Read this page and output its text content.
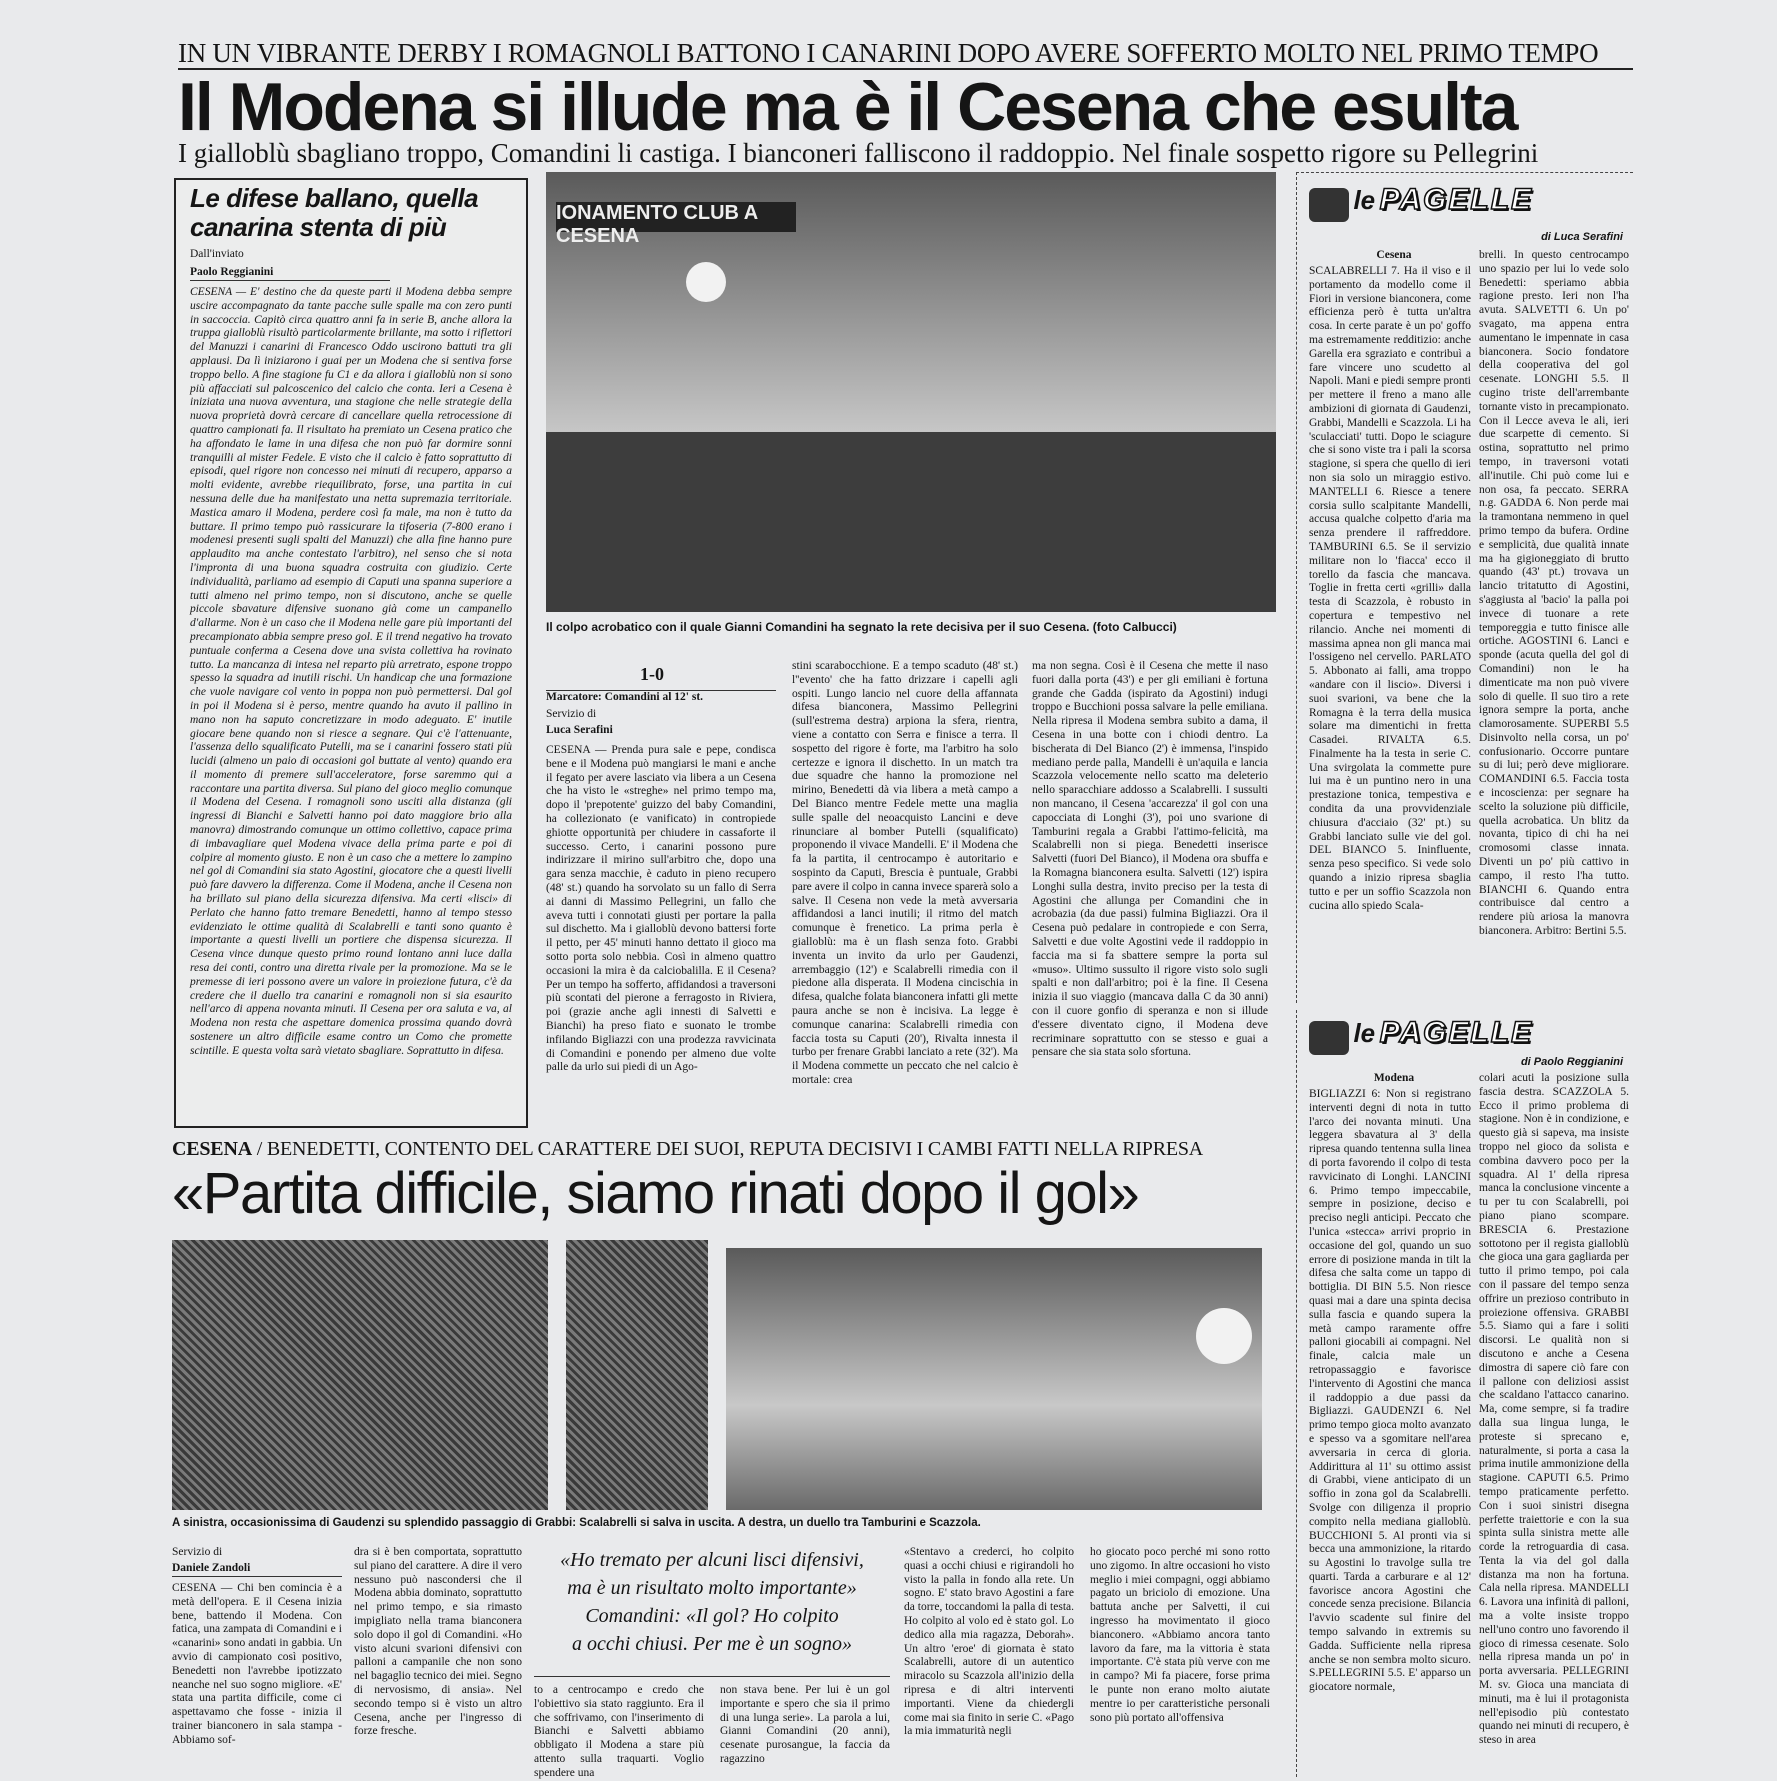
IN UN VIBRANTE DERBY I ROMAGNOLI BATTONO I CANARINI DOPO AVERE SOFFERTO MOLTO NEL PRIMO TEMPO
Il Modena si illude ma è il Cesena che esulta
I gialloblù sbagliano troppo, Comandini li castiga. I bianconeri falliscono il raddoppio. Nel finale sospetto rigore su Pellegrini
Le difese ballano, quella canarina stenta di più
Dall'inviato
Paolo Reggianini
CESENA — E' destino che da queste parti il Modena debba sempre uscire accompagnato da tante pacche sulle spalle ma con zero punti in saccoccia. Capitò circa quattro anni fa in serie B, anche allora la truppa gialloblù risultò particolarmente brillante, ma sotto i riflettori del Manuzzi i canarini di Francesco Oddo uscirono battuti tra gli applausi. Da lì iniziarono i guai per un Modena che si sentiva forse troppo bello. A fine stagione fu C1 e da allora i gialloblù non si sono più affacciati sul palcoscenico del calcio che conta. Ieri a Cesena è iniziata una nuova avventura, una stagione che nelle strategie della nuova proprietà dovrà cercare di cancellare quella retrocessione di quattro campionati fa. Il risultato ha premiato un Cesena pratico che ha affondato le lame in una difesa che non può far dormire sonni tranquilli al mister Fedele. E visto che il calcio è fatto soprattutto di episodi, quel rigore non concesso nei minuti di recupero, apparso a molti evidente, avrebbe riequilibrato, forse, una partita in cui nessuna delle due ha manifestato una netta supremazia territoriale. Mastica amaro il Modena, perdere così fa male, ma non è tutto da buttare. Il primo tempo può rassicurare la tifoseria (7-800 erano i modenesi presenti sugli spalti del Manuzzi) che alla fine hanno pure applaudito ma anche contestato l'arbitro), nel senso che si nota l'impronta di una buona squadra costruita con giudizio. Certe individualità, parliamo ad esempio di Caputi una spanna superiore a tutti almeno nel primo tempo, non si discutono, anche se quelle piccole sbavature difensive suonano già come un campanello d'allarme. Non è un caso che il Modena nelle gare più importanti del precampionato abbia sempre preso gol. E il trend negativo ha trovato puntuale conferma a Cesena dove una svista collettiva ha rovinato tutto. La mancanza di intesa nel reparto più arretrato, espone troppo spesso la squadra ad inutili rischi. Un handicap che una formazione che vuole navigare col vento in poppa non può permettersi. Dal gol in poi il Modena si è perso, mentre quando ha avuto il pallino in mano non ha saputo concretizzare in modo adeguato. E' inutile giocare bene quando non si riesce a segnare. Qui c'è l'attenuante, l'assenza dello squalificato Putelli, ma se i canarini fossero stati più lucidi (almeno un paio di occasioni gol buttate al vento) quando era il momento di premere sull'acceleratore, forse saremmo qui a raccontare una partita diversa. Sul piano del gioco meglio comunque il Modena del Cesena. I romagnoli sono usciti alla distanza (gli ingressi di Bianchi e Salvetti hanno poi dato maggiore brio alla manovra) dimostrando comunque un ottimo collettivo, capace prima di imbavagliare quel Modena vivace della prima parte e poi di colpire al momento giusto. E non è un caso che a mettere lo zampino nel gol di Comandini sia stato Agostini, giocatore che a questi livelli può fare davvero la differenza. Come il Modena, anche il Cesena non ha brillato sul piano della sicurezza difensiva. Ma certi «lisci» di Perlato che hanno fatto tremare Benedetti, hanno al tempo stesso evidenziato le ottime qualità di Scalabrelli e tanti sono quanto è importante a questi livelli un portiere che dispensa sicurezza. Il Cesena vince dunque questo primo round lontano anni luce dalla resa dei conti, contro una diretta rivale per la promozione. Ma se le premesse di ieri possono avere un valore in proiezione futura, c'è da credere che il duello tra canarini e romagnoli non si sia esaurito nell'arco di appena novanta minuti. Il Cesena per ora saluta e va, al Modena non resta che aspettare domenica prossima quando dovrà sostenere un altro difficile esame contro un Como che promette scintille. E questa volta sarà vietato sbagliare. Soprattutto in difesa.
IONAMENTO CLUB A CESENA
Il colpo acrobatico con il quale Gianni Comandini ha segnato la rete decisiva per il suo Cesena. (foto Calbucci)
1-0
Marcatore: Comandini al 12' st.
Servizio di
Luca Serafini
CESENA — Prenda pura sale e pepe, condisca bene e il Modena può mangiarsi le mani e anche il fegato per avere lasciato via libera a un Cesena che ha visto le «streghe» nel primo tempo ma, dopo il 'prepotente' guizzo del baby Comandini, ha collezionato (e vanificato) in contropiede ghiotte opportunità per chiudere in cassaforte il successo. Certo, i canarini possono pure indirizzare il mirino sull'arbitro che, dopo una gara senza macchie, è caduto in pieno recupero (48' st.) quando ha sorvolato su un fallo di Serra ai danni di Massimo Pellegrini, un fallo che aveva tutti i connotati giusti per portare la palla sul dischetto. Ma i gialloblù devono battersi forte il petto, per 45' minuti hanno dettato il gioco ma sotto porta solo nebbia. Così in almeno quattro occasioni la mira è da calciobalilla. E il Cesena? Per un tempo ha sofferto, affidandosi a traversoni più scontati del pierone a ferragosto in Riviera, poi (grazie anche agli innesti di Salvetti e Bianchi) ha preso fiato e suonato le trombe infilando Bigliazzi con una prodezza ravvicinata di Comandini e ponendo per almeno due volte palle da urlo sui piedi di un Ago-
stini scarabocchione. E a tempo scaduto (48' st.) l''evento' che ha fatto drizzare i capelli agli ospiti. Lungo lancio nel cuore della affannata difesa bianconera, Massimo Pellegrini (sull'estrema destra) arpiona la sfera, rientra, viene a contatto con Serra e finisce a terra. Il sospetto del rigore è forte, ma l'arbitro ha solo certezze e ignora il dischetto. In un match tra due squadre che hanno la promozione nel mirino, Benedetti dà via libera a metà campo a Del Bianco mentre Fedele mette una maglia sulle spalle del neoacquisto Lancini e deve rinunciare al bomber Putelli (squalificato) proponendo il vivace Mandelli. E' il Modena che fa la partita, il centrocampo è autoritario e sospinto da Caputi, Brescia è puntuale, Grabbi pare avere il colpo in canna invece sparerà solo a salve. Il Cesena non vede la metà avversaria affidandosi a lanci inutili; il ritmo del match comunque è frenetico. La prima perla è gialloblù: ma è un flash senza foto. Grabbi inventa un invito da urlo per Gaudenzi, arrembaggio (12') e Scalabrelli rimedia con il piedone alla disperata. Il Modena cincischia in difesa, qualche folata bianconera infatti gli mette paura anche se non è incisiva. La legge è comunque canarina: Scalabrelli rimedia con faccia tosta su Caputi (20'), Rivalta innesta il turbo per frenare Grabbi lanciato a rete (32'). Ma il Modena commette un peccato che nel calcio è mortale: crea
ma non segna. Così è il Cesena che mette il naso fuori dalla porta (43') e per gli emiliani è fortuna grande che Gadda (ispirato da Agostini) indugi troppo e Bucchioni possa salvare la pelle emiliana. Nella ripresa il Modena sembra subito a dama, il Cesena in una botte con i chiodi dentro. La bischerata di Del Bianco (2') è immensa, l'inspido mediano perde palla, Mandelli è un'aquila e lancia Scazzola velocemente nello scatto ma deleterio nello sparacchiare addosso a Scalabrelli. I sussulti non mancano, il Cesena 'accarezza' il gol con una capocciata di Longhi (3'), poi uno svarione di Tamburini regala a Grabbi l'attimo-felicità, ma Scalabrelli non si piega. Benedetti inserisce Salvetti (fuori Del Bianco), il Modena ora sbuffa e la Romagna bianconera esulta. Salvetti (12') ispira Longhi sulla destra, invito preciso per la testa di Agostini che allunga per Comandini che in acrobazia (da due passi) fulmina Bigliazzi. Ora il Cesena può pedalare in contropiede e con Serra, Salvetti e due volte Agostini vede il raddoppio in faccia ma si fa sbattere sempre la porta sul «muso». Ultimo sussulto il rigore visto solo sugli spalti e non dall'arbitro; poi è la fine. Il Cesena inizia il suo viaggio (mancava dalla C da 30 anni) con il cuore gonfio di speranza e non si illude d'essere diventato cigno, il Modena deve recriminare soprattutto con se stesso e guai a pensare che sia stata solo sfortuna.
le PAGELLE
di Luca Serafini
Cesena
SCALABRELLI 7. Ha il viso e il portamento da modello come il Fiori in versione bianconera, come efficienza però è tutta un'altra cosa. In certe parate è un po' goffo ma estremamente redditizio: anche Garella era sgraziato e contribuì a fare vincere uno scudetto al Napoli. Mani e piedi sempre pronti per mettere il freno a mano alle ambizioni di giornata di Gaudenzi, Grabbi, Mandelli e Scazzola. Li ha 'sculacciati' tutti. Dopo le sciagure che si sono viste tra i pali la scorsa stagione, si spera che quello di ieri non sia solo un miraggio estivo. MANTELLI 6. Riesce a tenere corsia sullo scalpitante Mandelli, accusa qualche colpetto d'aria ma senza prendere il raffreddore. TAMBURINI 6.5. Se il servizio militare non lo 'fiacca' ecco il torello da fascia che mancava. Toglie in fretta certi «grilli» dalla testa di Scazzola, è robusto in copertura e tempestivo nel rilancio. Anche nei momenti di massima apnea non gli manca mai l'ossigeno nel cervello. PARLATO 5. Abbonato ai falli, ama troppo «andare con il liscio». Diversi i suoi svarioni, va bene che la Romagna è la terra della musica solare ma dimentichi in fretta Casadei. RIVALTA 6.5. Finalmente ha la testa in serie C. Una svirgolata la commette pure lui ma è un puntino nero in una prestazione tonica, tempestiva e condita da una provvidenziale chiusura d'acciaio (32' pt.) su Grabbi lanciato sulle vie del gol. DEL BIANCO 5. Ininfluente, senza peso specifico. Si vede solo quando a inizio ripresa sbaglia tutto e per un soffio Scazzola non cucina allo spiedo Scala-
brelli. In questo centrocampo uno spazio per lui lo vede solo Benedetti: speriamo abbia ragione presto. Ieri non l'ha avuta. SALVETTI 6. Un po' svagato, ma appena entra aumentano le impennate in casa bianconera. Socio fondatore della cooperativa del gol cesenate. LONGHI 5.5. Il cugino triste dell'arrembante tornante visto in precampionato. Con il Lecce aveva le ali, ieri due scarpette di cemento. Si ostina, soprattutto nel primo tempo, in traversoni votati all'inutile. Chi può come lui e non osa, fa peccato. SERRA n.g. GADDA 6. Non perde mai la tramontana nemmeno in quel primo tempo da bufera. Ordine e semplicità, due qualità innate ma ha gigioneggiato di brutto quando (43' pt.) trovava un lancio tritatutto di Agostini, s'aggiusta al 'bacio' la palla poi invece di tuonare a rete temporeggia e tutto finisce alle ortiche. AGOSTINI 6. Lanci e sponde (acuta quella del gol di Comandini) non le ha dimenticate ma non può vivere solo di quelle. Il suo tiro a rete ignora sempre la porta, anche clamorosamente. SUPERBI 5.5 Disinvolto nella corsa, un po' confusionario. Occorre puntare su di lui; però deve migliorare. COMANDINI 6.5. Faccia tosta e incoscienza: per segnare ha scelto la soluzione più difficile, quella acrobatica. Un blitz da novanta, tipico di chi ha nei cromosomi classe innata. Diventi un po' più cattivo in campo, il resto l'ha tutto. BIANCHI 6. Quando entra contribuisce dal centro a rendere più ariosa la manovra bianconera. Arbitro: Bertini 5.5.
le PAGELLE
di Paolo Reggianini
Modena
BIGLIAZZI 6: Non si registrano interventi degni di nota in tutto l'arco dei novanta minuti. Una leggera sbavatura al 3' della ripresa quando tentenna sulla linea di porta favorendo il colpo di testa ravvicinato di Longhi. LANCINI 6. Primo tempo impeccabile, sempre in posizione, deciso e preciso negli anticipi. Peccato che l'unica «stecca» arrivi proprio in occasione del gol, quando un suo errore di posizione manda in tilt la difesa che salta come un tappo di bottiglia. DI BIN 5.5. Non riesce quasi mai a dare una spinta decisa sulla fascia e quando supera la metà campo raramente offre palloni giocabili ai compagni. Nel finale, calcia male un retropassaggio e favorisce l'intervento di Agostini che manca il raddoppio a due passi da Bigliazzi. GAUDENZI 6. Nel primo tempo gioca molto avanzato e spesso va a sgomitare nell'area avversaria in cerca di gloria. Addirittura al 11' su ottimo assist di Grabbi, viene anticipato di un soffio in zona gol da Scalabrelli. Svolge con diligenza il proprio compito nella mediana gialloblù. BUCCHIONI 5. Al pronti via si becca una ammonizione, la ritardo su Agostini lo travolge sulla tre quarti. Tarda a carburare e al 12' favorisce ancora Agostini che concede senza precisione. Bilancia l'avvio scadente sul finire del tempo salvando in extremis su Gadda. Sufficiente nella ripresa anche se non sembra molto sicuro. S.PELLEGRINI 5.5. E' apparso un giocatore normale,
colari acuti la posizione sulla fascia destra. SCAZZOLA 5. Ecco il primo problema di stagione. Non è in condizione, e questo già si sapeva, ma insiste troppo nel gioco da solista e combina davvero poco per la squadra. Al 1' della ripresa manca la conclusione vincente a tu per tu con Scalabrelli, poi piano piano scompare. BRESCIA 6. Prestazione sottotono per il regista gialloblù che gioca una gara gagliarda per tutto il primo tempo, poi cala con il passare del tempo senza offrire un prezioso contributo in proiezione offensiva. GRABBI 5.5. Siamo qui a fare i soliti discorsi. Le qualità non si discutono e anche a Cesena dimostra di sapere ciò fare con il pallone con deliziosi assist che scaldano l'attacco canarino. Ma, come sempre, si fa tradire dalla sua lingua lunga, le proteste si sprecano e, naturalmente, si porta a casa la prima inutile ammonizione della stagione. CAPUTI 6.5. Primo tempo praticamente perfetto. Con i suoi sinistri disegna perfette traiettorie e con la sua spinta sulla sinistra mette alle corde la retroguardia di casa. Tenta la via del gol dalla distanza ma non ha fortuna. Cala nella ripresa. MANDELLI 6. Lavora una infinità di palloni, ma a volte insiste troppo nell'uno contro uno favorendo il gioco di rimessa cesenate. Solo nella ripresa manda un po' in porta avversaria. PELLEGRINI M. sv. Gioca una manciata di minuti, ma è lui il protagonista nell'episodio più contestato quando nei minuti di recupero, è steso in area
CESENA / BENEDETTI, CONTENTO DEL CARATTERE DEI SUOI, REPUTA DECISIVI I CAMBI FATTI NELLA RIPRESA
«Partita difficile, siamo rinati dopo il gol»
A sinistra, occasionissima di Gaudenzi su splendido passaggio di Grabbi: Scalabrelli si salva in uscita. A destra, un duello tra Tamburini e Scazzola.
Servizio di
Daniele Zandoli
CESENA — Chi ben comincia è a metà dell'opera. E il Cesena inizia bene, battendo il Modena. Con fatica, una zampata di Comandini e i «canarini» sono andati in gabbia. Un avvio di campionato così positivo, Benedetti non l'avrebbe ipotizzato neanche nel suo sogno migliore. «E' stata una partita difficile, come ci aspettavamo che fosse - inizia il trainer bianconero in sala stampa - Abbiamo sof-
dra si è ben comportata, soprattutto sul piano del carattere. A dire il vero nessuno può nascondersi che il Modena abbia dominato, soprattutto nel primo tempo, e sia rimasto impigliato nella trama bianconera solo dopo il gol di Comandini. «Ho visto alcuni svarioni difensivi con palloni a campanile che non sono nel bagaglio tecnico dei miei. Segno di nervosismo, di ansia». Nel secondo tempo si è visto un altro Cesena, anche per l'ingresso di forze fresche.
«Ho tremato per alcuni lisci difensivi,
ma è un risultato molto importante»
Comandini: «Il gol? Ho colpito
a occhi chiusi. Per me è un sogno»
to a centrocampo e credo che l'obiettivo sia stato raggiunto. Era il che soffrivamo, con l'inserimento di Bianchi e Salvetti abbiamo obbligato il Modena a stare più attento sulla traquarti. Voglio spendere una
non stava bene. Per lui è un gol importante e spero che sia il primo di una lunga serie». La parola a lui, Gianni Comandini (20 anni), cesenate purosangue, la faccia da ragazzino
«Stentavo a crederci, ho colpito quasi a occhi chiusi e rigirandoli ho visto la palla in fondo alla rete. Un sogno. E' stato bravo Agostini a fare da torre, toccandomi la palla di testa. Ho colpito al volo ed è stato gol. Lo dedico alla mia ragazza, Deborah». Un altro 'eroe' di giornata è stato Scalabrelli, autore di un autentico miracolo su Scazzola all'inizio della ripresa e di altri interventi importanti. Viene da chiedergli come mai sia finito in serie C. «Pago la mia immaturità negli
ho giocato poco perché mi sono rotto uno zigomo. In altre occasioni ho visto meglio i miei compagni, oggi abbiamo pagato un briciolo di emozione. Una battuta anche per Salvetti, il cui ingresso ha movimentato il gioco bianconero. «Abbiamo ancora tanto lavoro da fare, ma la vittoria è stata importante. C'è stata più verve con me in campo? Mi fa piacere, forse prima le punte non erano molto aiutate mentre io per caratteristiche personali sono più portato all'offensiva
